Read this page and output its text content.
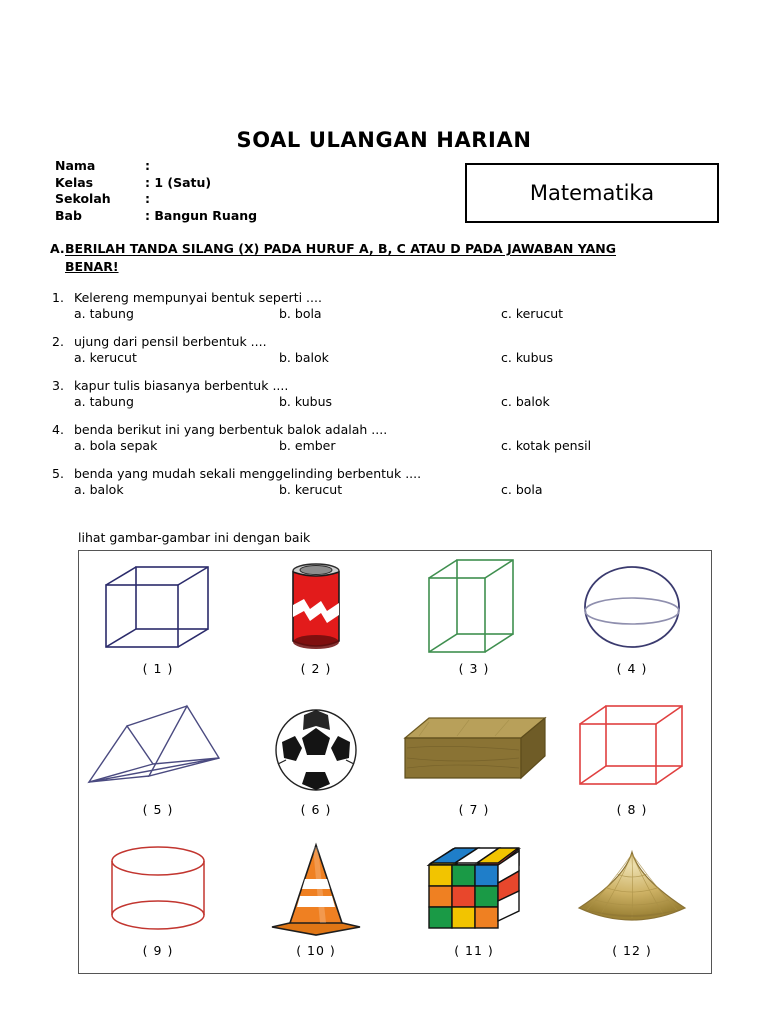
SOAL ULANGAN HARIAN
Nama	:
Kelas	: 1 (Satu)
Sekolah	:
Bab	: Bangun Ruang
Matematika
A. BERILAH TANDA SILANG (X) PADA HURUF A, B, C ATAU D PADA JAWABAN YANG
BENAR!
1. Kelereng mempunyai bentuk seperti ....
a. tabung	b. bola	c. kerucut
2. ujung dari pensil berbentuk ....
a. kerucut	b. balok	c. kubus
3. kapur tulis biasanya berbentuk ....
a. tabung	b. kubus	c. balok
4. benda berikut ini yang berbentuk balok adalah ....
a. bola sepak	b. ember	c. kotak pensil
5. benda yang mudah sekali menggelinding berbentuk ....
a. balok	b. kerucut	c. bola
lihat gambar-gambar ini dengan baik
( 1 )	( 2 )	( 3 )	( 4 )
( 5 )	( 6 )	( 7 )	( 8 )
( 9 )	( 10 )	( 11 )	( 12 )
